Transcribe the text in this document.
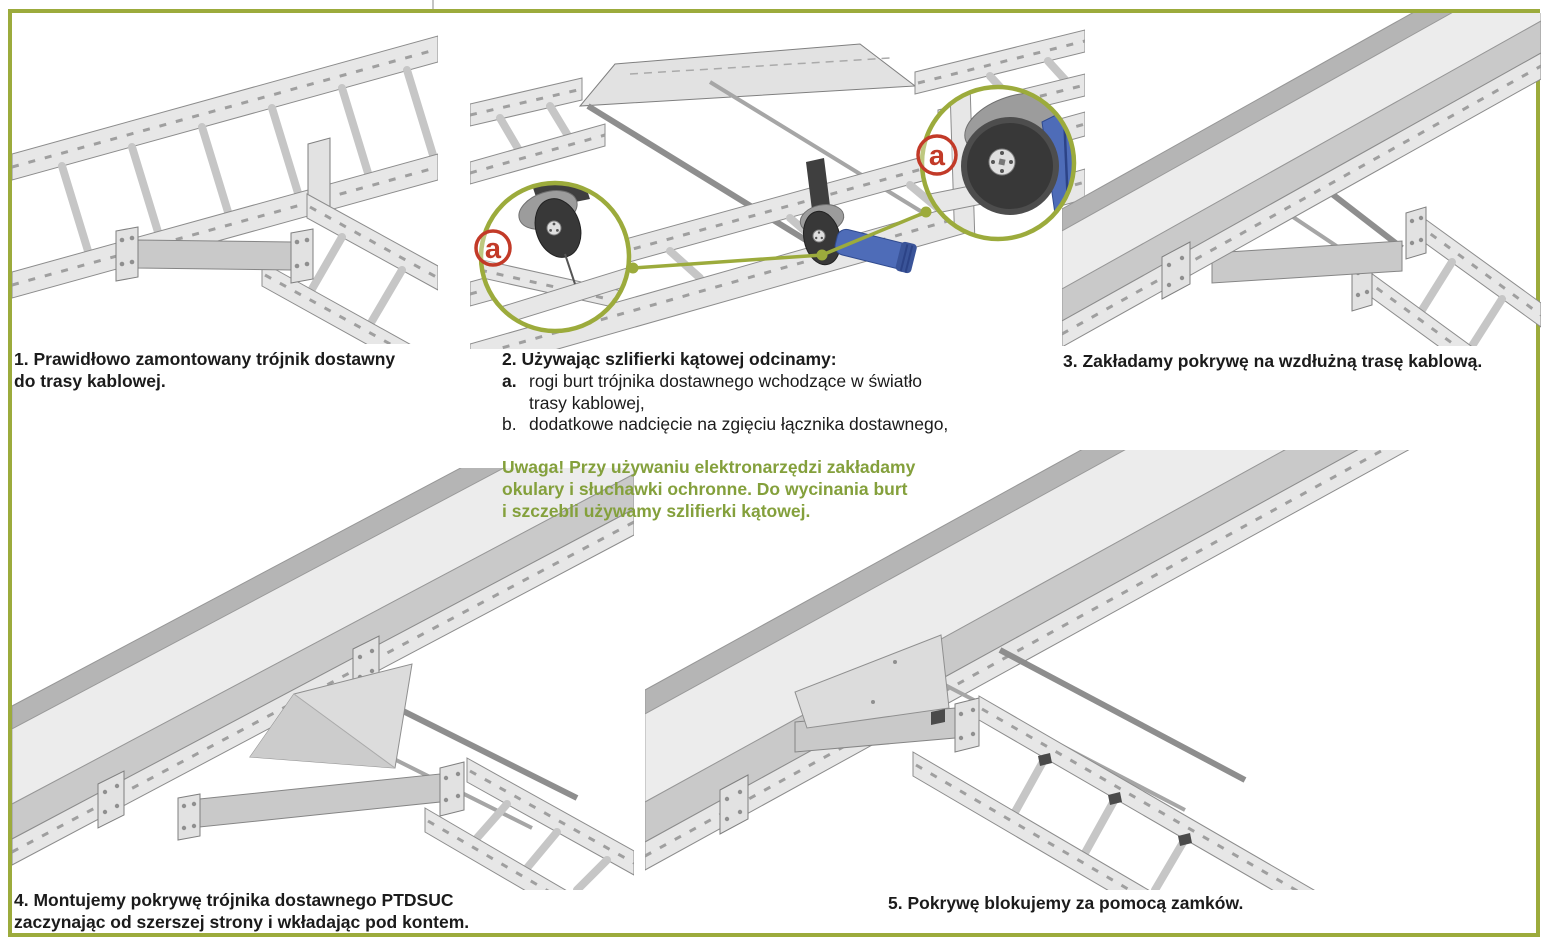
a
a
1. Prawidłowo zamontowany trójnik dostawny
do trasy kablowej.
2. Używając szlifierki kątowej odcinamy:
a. rogi burt trójnika dostawnego wchodzące w światło
trasy kablowej,
b. dodatkowe nadcięcie na zgięciu łącznika dostawnego,
Uwaga! Przy używaniu elektronarzędzi zakładamy
okulary i słuchawki ochronne. Do wycinania burt
i szczebli używamy szlifierki kątowej.
3. Zakładamy pokrywę na wzdłużną trasę kablową.
4. Montujemy pokrywę trójnika dostawnego PTDSUC
zaczynając od szerszej strony i wkładając pod kontem.
5. Pokrywę blokujemy za pomocą zamków.
